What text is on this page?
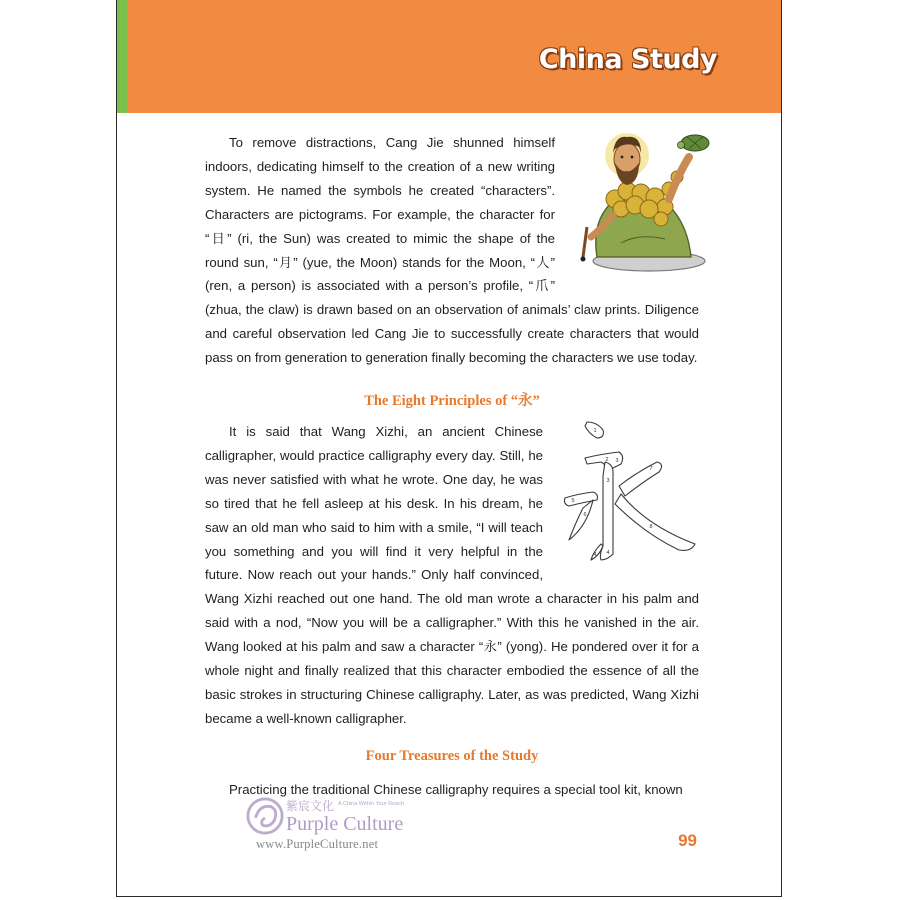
China Study

To remove distractions, Cang Jie shunned himself indoors, dedicating himself to the creation of a new writing system. He named the symbols he created “characters”. Characters are pictograms. For example, the character for “日” (ri, the Sun) was created to mimic the shape of the round sun, “月” (yue, the Moon) stands for the Moon, “人” (ren, a person) is associated with a person’s profile, “爪” (zhua, the claw) is drawn based on an observation of animals’ claw prints. Diligence and careful observation led Cang Jie to successfully create characters that would pass on from generation to generation finally becoming the characters we use today.

The Eight Principles of “永”

1
2 3
3
4
5
6
7
8
4
It is said that Wang Xizhi, an ancient Chinese calligrapher, would practice calligraphy every day. Still, he was never satisfied with what he wrote. One day, he was so tired that he fell asleep at his desk. In his dream, he saw an old man who said to him with a smile, “I will teach you something and you will find it very helpful in the future. Now reach out your hands.” Only half convinced, Wang Xizhi reached out one hand. The old man wrote a character in his palm and said with a nod, “Now you will be a calligrapher.” With this he vanished in the air. Wang looked at his palm and saw a character “永” (yong). He pondered over it for a whole night and finally realized that this character embodied the essence of all the basic strokes in structuring Chinese calligraphy. Later, as was predicted, Wang Xizhi became a well-known calligrapher.

Four Treasures of the Study

Practicing the traditional Chinese calligraphy requires a special tool kit, known

99

紫宸文化 A China Within Your Reach

Purple Culture

www.PurpleCulture.net
